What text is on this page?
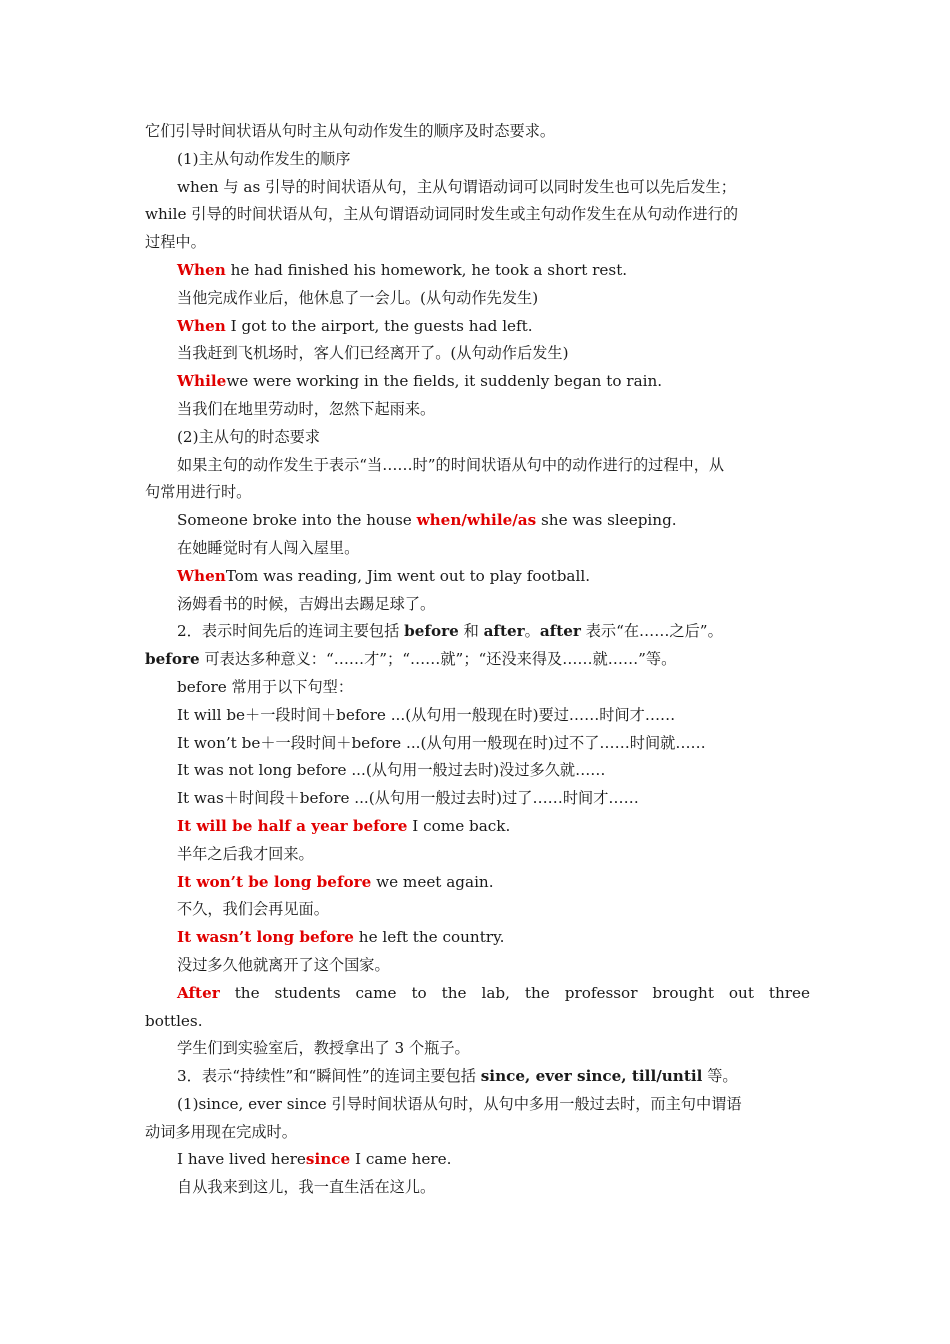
它们引导时间状语从句时主从句动作发生的顺序及时态要求。
(1)主从句动作发生的顺序
when 与 as 引导的时间状语从句，主从句谓语动词可以同时发生也可以先后发生；
while 引导的时间状语从句，主从句谓语动词同时发生或主句动作发生在从句动作进行的
过程中。
When he had finished his homework, he took a short rest.
当他完成作业后，他休息了一会儿。(从句动作先发生)
When I got to the airport, the guests had left.
当我赶到飞机场时，客人们已经离开了。(从句动作后发生)
Whilewe were working in the fields, it suddenly began to rain.
当我们在地里劳动时，忽然下起雨来。
(2)主从句的时态要求
如果主句的动作发生于表示“当……时”的时间状语从句中的动作进行的过程中，从
句常用进行时。
Someone broke into the house when/while/as she was sleeping.
在她睡觉时有人闯入屋里。
WhenTom was reading, Jim went out to play football.
汤姆看书的时候，吉姆出去踢足球了。
2．表示时间先后的连词主要包括 before 和 after。after 表示“在……之后”。
before 可表达多种意义：“……才”；“……就”；“还没来得及……就……”等。
before 常用于以下句型：
It will be＋一段时间＋before ...(从句用一般现在时)要过……时间才……
It won’t be＋一段时间＋before ...(从句用一般现在时)过不了……时间就……
It was not long before ...(从句用一般过去时)没过多久就……
It was＋时间段＋before ...(从句用一般过去时)过了……时间才……
It will be half a year before I come back.
半年之后我才回来。
It won’t be long before we meet again.
不久，我们会再见面。
It wasn’t long before he left the country.
没过多久他就离开了这个国家。
After the students came to the lab, the professor brought out three
bottles.
学生们到实验室后，教授拿出了 3 个瓶子。
3．表示“持续性”和“瞬间性”的连词主要包括 since, ever since, till/until 等。
(1)since, ever since 引导时间状语从句时，从句中多用一般过去时，而主句中谓语
动词多用现在完成时。
I have lived heresince I came here.
自从我来到这儿，我一直生活在这儿。
